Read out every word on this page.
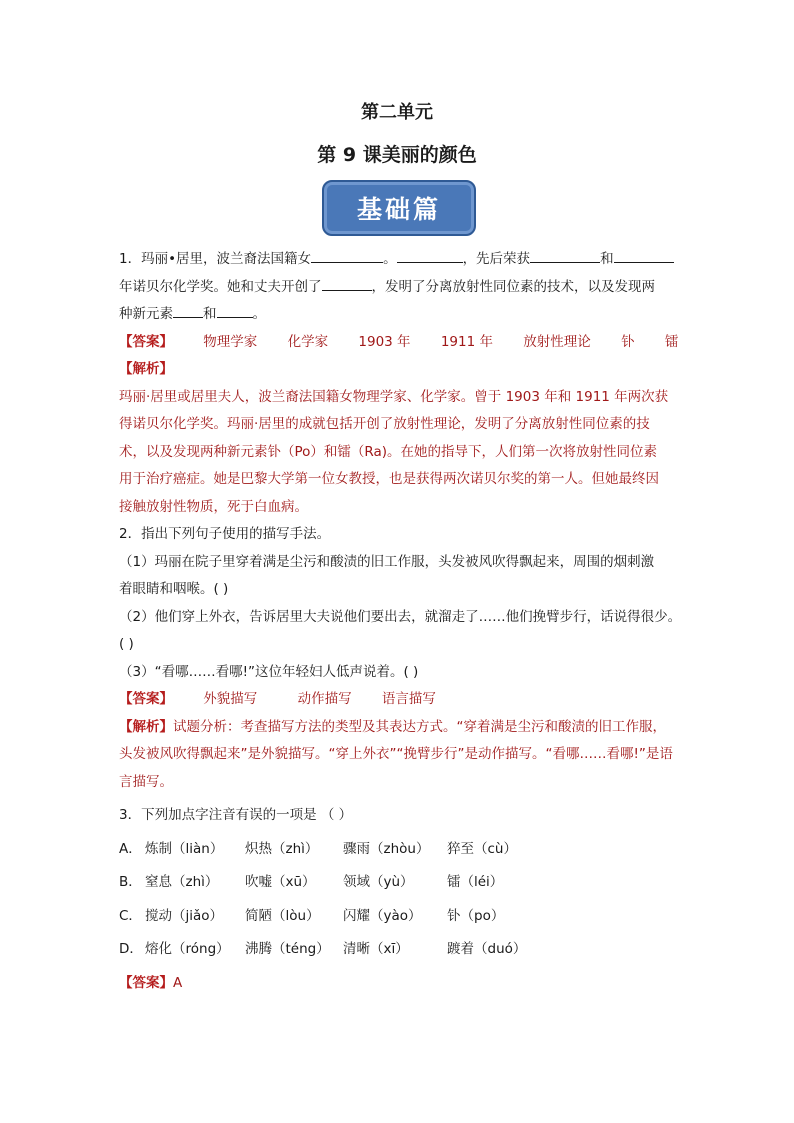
第二单元
第 9 课美丽的颜色
基础篇
1．玛丽•居里，波兰裔法国籍女	。	，先后荣获	和
年诺贝尔化学奖。她和丈夫开创了	，发明了分离放射性同位素的技术，以及发现两
种新元素 和	。
【答案】 物理学家 化学家 1903 年 1911 年 放射性理论 钋 镭
【解析】
玛丽·居里或居里夫人，波兰裔法国籍女物理学家、化学家。曾于 1903 年和 1911 年两次获
得诺贝尔化学奖。玛丽·居里的成就包括开创了放射性理论，发明了分离放射性同位素的技
术，以及发现两种新元素钋（Po）和镭（Ra)。在她的指导下，人们第一次将放射性同位素
用于治疗癌症。她是巴黎大学第一位女教授，也是获得两次诺贝尔奖的第一人。但她最终因
接触放射性物质，死于白血病。
2．指出下列句子使用的描写手法。
（1）玛丽在院子里穿着满是尘污和酸渍的旧工作服，头发被风吹得飘起来，周围的烟刺激
着眼睛和咽喉。( )
（2）他们穿上外衣，告诉居里大夫说他们要出去，就溜走了……他们挽臂步行，话说得很少。
( )
（3）“看哪……看哪!”这位年轻妇人低声说着。( )
【答案】 外貌描写	动作描写 语言描写
【解析】试题分析：考查描写方法的类型及其表达方式。“穿着满是尘污和酸渍的旧工作服，
头发被风吹得飘起来”是外貌描写。“穿上外衣”“挽臂步行”是动作描写。“看哪……看哪!”是语
言描写。
3．下列加点字注音有误的一项是 （ ）
A． 炼制（liàn） 炽热（zhì） 骤雨（zhòu） 猝至（cù）
B． 窒息（zhì） 吹嘘（xū） 领域（yù） 镭（léi）
C． 搅动（jiǎo） 简陋（lòu） 闪耀（yào） 钋（po）
D． 熔化（róng） 沸腾（téng） 清晰（xī）	踱着（duó）
【答案】A
